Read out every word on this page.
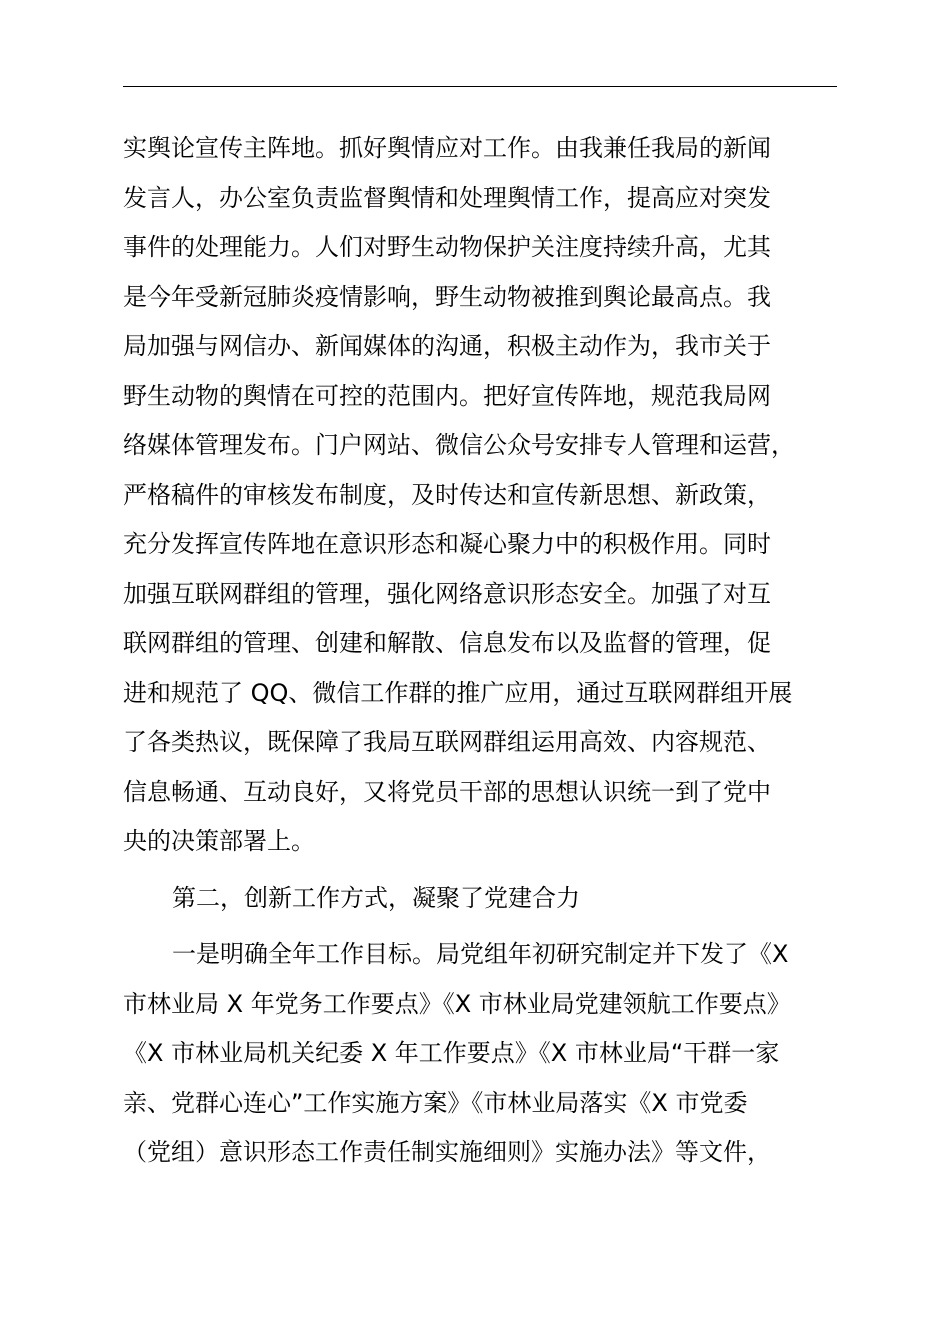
实舆论宣传主阵地。抓好舆情应对工作。由我兼任我局的新闻
发言人，办公室负责监督舆情和处理舆情工作，提高应对突发
事件的处理能力。人们对野生动物保护关注度持续升高，尤其
是今年受新冠肺炎疫情影响，野生动物被推到舆论最高点。我
局加强与网信办、新闻媒体的沟通，积极主动作为，我市关于
野生动物的舆情在可控的范围内。把好宣传阵地，规范我局网
络媒体管理发布。门户网站、微信公众号安排专人管理和运营，
严格稿件的审核发布制度，及时传达和宣传新思想、新政策，
充分发挥宣传阵地在意识形态和凝心聚力中的积极作用。同时
加强互联网群组的管理，强化网络意识形态安全。加强了对互
联网群组的管理、创建和解散、信息发布以及监督的管理，促
进和规范了 QQ、微信工作群的推广应用，通过互联网群组开展
了各类热议，既保障了我局互联网群组运用高效、内容规范、
信息畅通、互动良好，又将党员干部的思想认识统一到了党中
央的决策部署上。
第二，创新工作方式，凝聚了党建合力
一是明确全年工作目标。局党组年初研究制定并下发了《X
市林业局 X 年党务工作要点》《X 市林业局党建领航工作要点》
《X 市林业局机关纪委 X 年工作要点》《X 市林业局“干群一家
亲、党群心连心”工作实施方案》《市林业局落实《X 市党委
（党组）意识形态工作责任制实施细则》实施办法》等文件，
